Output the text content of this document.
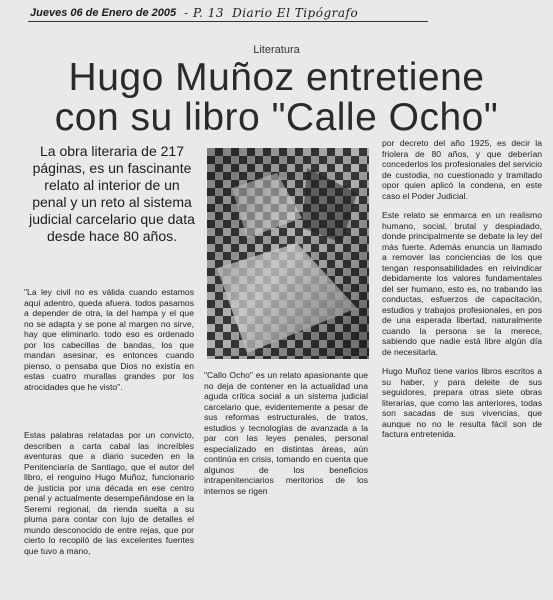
Jueves 06 de Enero de 2005 - P. 13 Diario El Tipógrafo
Literatura
Hugo Muñoz entretiene
con su libro "Calle Ocho"
La obra literaria de 217 páginas, es un fascinante relato al interior de un penal y un reto al sistema judicial carcelario que data desde hace 80 años.

"La ley civil no es válida cuando estamos aquí adentro, queda afuera. todos pasamos a depender de otra, la del hampa y el que no se adapta y se pone al margen no sirve, hay que eliminarlo. todo eso es ordenado por los cabecillas de bandas, los que mandan asesinar, es entonces cuando pienso, o pensaba que Dios no existía en estas cuatro murallas grandes por los atrocidades que he visto".

Estas palabras relatadas por un convicto, describen a carta cabal las increíbles aventuras que a diario suceden en la Penitenciaría de Santiago, que el autor del libro, el renguino Hugo Muñoz, funcionario de justicia por una década en ese centro penal y actualmente desempeñándose en la Seremi regional, da rienda suelta a su pluma para contar con lujo de detalles el mundo desconocido de entre rejas, que por cierto lo recopiló de las excelentes fuentes que tuvo a mano,

"Callo Ocho" es un relato apasionante que no deja de contener en la actualidad una aguda crítica social a un sistema judicial carcelario que, evidentemente a pesar de sus reformas estructurales, de tratos, estudios y tecnologías de avanzada a la par con las leyes penales, personal especializado en distintas áreas, aún continúa en crisis, tomando en cuenta que algunos de los beneficios intrapenitenciarios meritorios de los internos se rigen

por decreto del año 1925, es decir la friolera de 80 años, y que deberían concederlos los profesionales del servicio de custodia, no cuestionado y tramitado opor quien aplicó la condena, en este caso el Poder Judicial.

Este relato se enmarca en un realismo humano, social, brutal y despiadado, donde principalmente se debate la ley del más fuerte. Además enuncia un llamado a remover las conciencias de los que tengan responsabilidades en reivindicar debidamente los valores fundamentales del ser humano, esto es, no trabando las conductas, esfuerzos de capacitación, estudios y trabajos profesionales, en pos de una esperada libertad, naturalmente cuando la persona se la merece, sabiendo que nadie está libre algún día de necesitarla.

Hugo Muñoz tiene varios libros escritos a su haber, y para deleite de sus seguidores, prepara otras siete obras literarias, que como las anteriores, todas son sacadas de sus vivencias, que aunque no no le resulta fácil son de factura entretenida.
